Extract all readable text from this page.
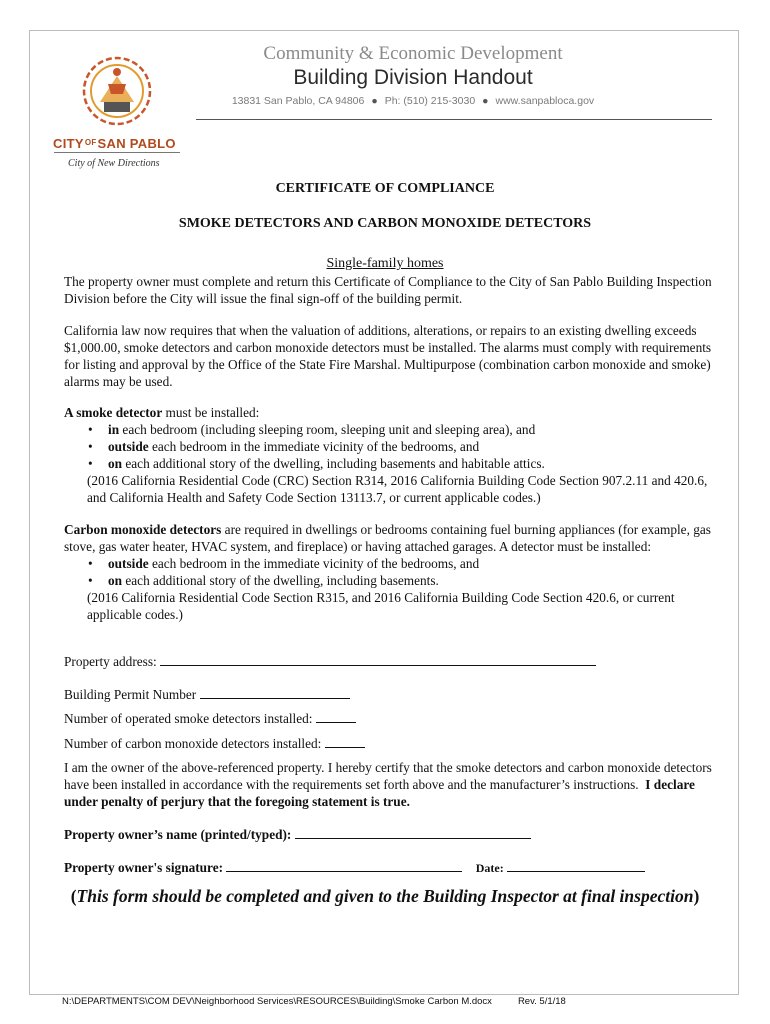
$CITY^{OF}SAN$ PABLO
City of New Directions
Community & Economic Development
Building Division Handout
13831 San Pablo, CA 94806 ● Ph: (510) 215-3030 ● www.sanpabloca.gov
CERTIFICATE OF COMPLIANCE
SMOKE DETECTORS AND CARBON MONOXIDE DETECTORS
Single-family homes

The property owner must complete and return this Certificate of Compliance to the City of San Pablo Building Inspection Division before the City will issue the final sign-off of the building permit.

California law now requires that when the valuation of additions, alterations, or repairs to an existing dwelling exceeds $1,000.00, smoke detectors and carbon monoxide detectors must be installed. The alarms must comply with requirements for listing and approval by the Office of the State Fire Marshal. Multipurpose (combination carbon monoxide and smoke) alarms may be used.

A smoke detector must be installed:
• in each bedroom (including sleeping room, sleeping unit and sleeping area), and
• outside each bedroom in the immediate vicinity of the bedrooms, and
• on each additional story of the dwelling, including basements and habitable attics.
(2016 California Residential Code (CRC) Section R314, 2016 California Building Code Section 907.2.11 and 420.6, and California Health and Safety Code Section 13113.7, or current applicable codes.)
Carbon monoxide detectors are required in dwellings or bedrooms containing fuel burning appliances (for example, gas stove, gas water heater, HVAC system, and fireplace) or having attached garages. A detector must be installed:
• outside each bedroom in the immediate vicinity of the bedrooms, and
• on each additional story of the dwelling, including basements.
(2016 California Residential Code Section R315, and 2016 California Building Code Section 420.6, or current applicable codes.)
Property address:
Building Permit Number
Number of operated smoke detectors installed:
Number of carbon monoxide detectors installed:

I am the owner of the above-referenced property. I hereby certify that the smoke detectors and carbon monoxide detectors have been installed in accordance with the requirements set forth above and the manufacturer’s instructions. I declare under penalty of perjury that the foregoing statement is true.

Property owner’s name (printed/typed):
Property owner's signature:	Date:
(This form should be completed and given to the Building Inspector at final inspection)
N:\DEPARTMENTS\COM DEV\Neighborhood Services\RESOURCES\Building\Smoke Carbon M.docx	Rev. 5/1/18
